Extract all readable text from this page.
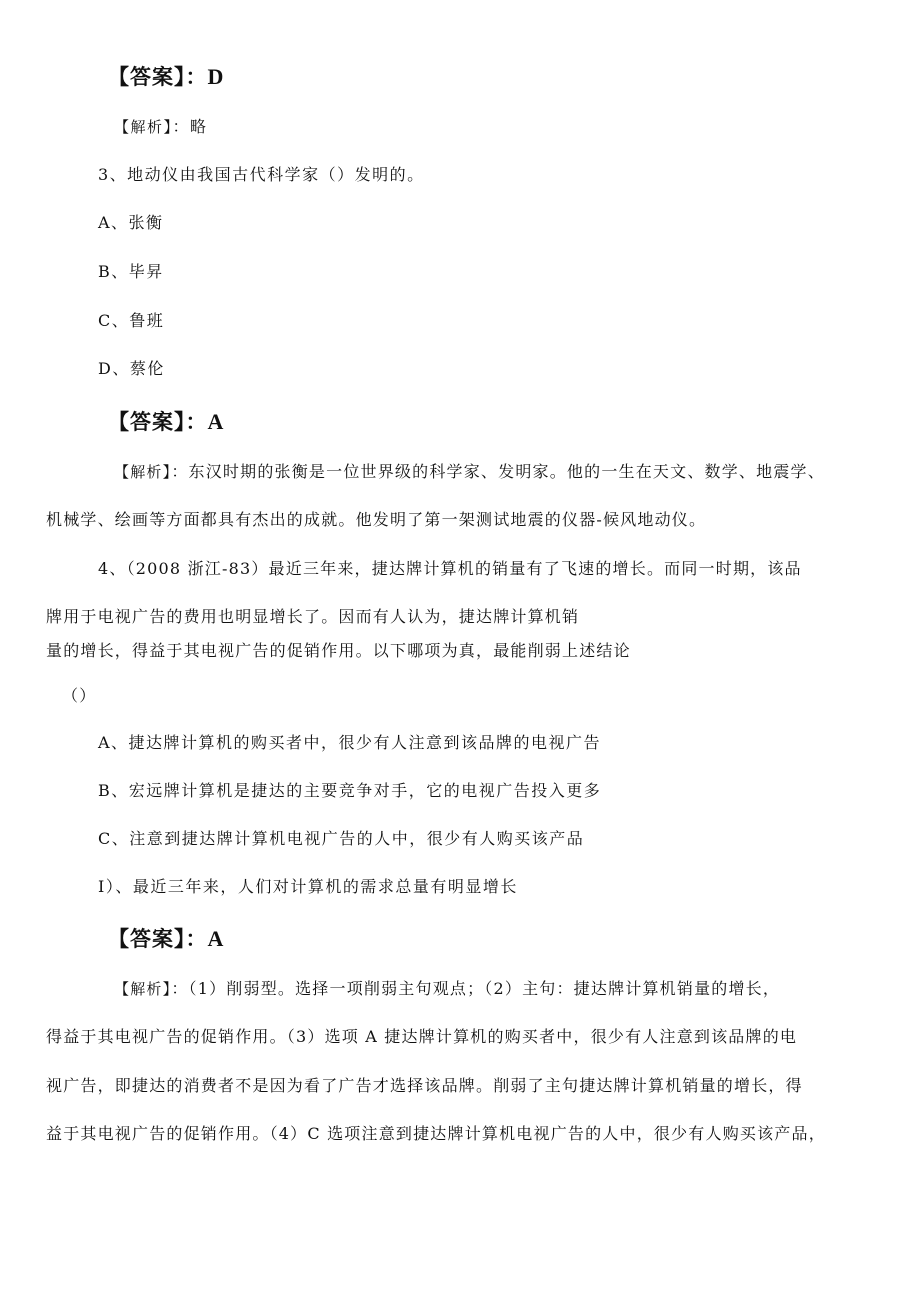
【答案】：D
【解析】：略
3、地动仪由我国古代科学家（）发明的。
A、张衡
B、毕昇
C、鲁班
D、蔡伦
【答案】：A
【解析】：东汉时期的张衡是一位世界级的科学家、发明家。他的一生在天文、数学、地震学、
机械学、绘画等方面都具有杰出的成就。他发明了第一架测试地震的仪器-候风地动仪。
4、（2008 浙江-83）最近三年来，捷达牌计算机的销量有了飞速的增长。而同一时期，该品
牌用于电视广告的费用也明显增长了。因而有人认为，捷达牌计算机销
量的增长，得益于其电视广告的促销作用。以下哪项为真，最能削弱上述结论
（）
A、捷达牌计算机的购买者中，很少有人注意到该品牌的电视广告
B、宏远牌计算机是捷达的主要竞争对手，它的电视广告投入更多
C、注意到捷达牌计算机电视广告的人中，很少有人购买该产品
I）、最近三年来，人们对计算机的需求总量有明显增长
【答案】：A
【解析】：（1）削弱型。选择一项削弱主句观点；（2）主句：捷达牌计算机销量的增长，
得益于其电视广告的促销作用。（3）选项 A 捷达牌计算机的购买者中，很少有人注意到该品牌的电
视广告，即捷达的消费者不是因为看了广告才选择该品牌。削弱了主句捷达牌计算机销量的增长，得
益于其电视广告的促销作用。（4）C 选项注意到捷达牌计算机电视广告的人中，很少有人购买该产品，
